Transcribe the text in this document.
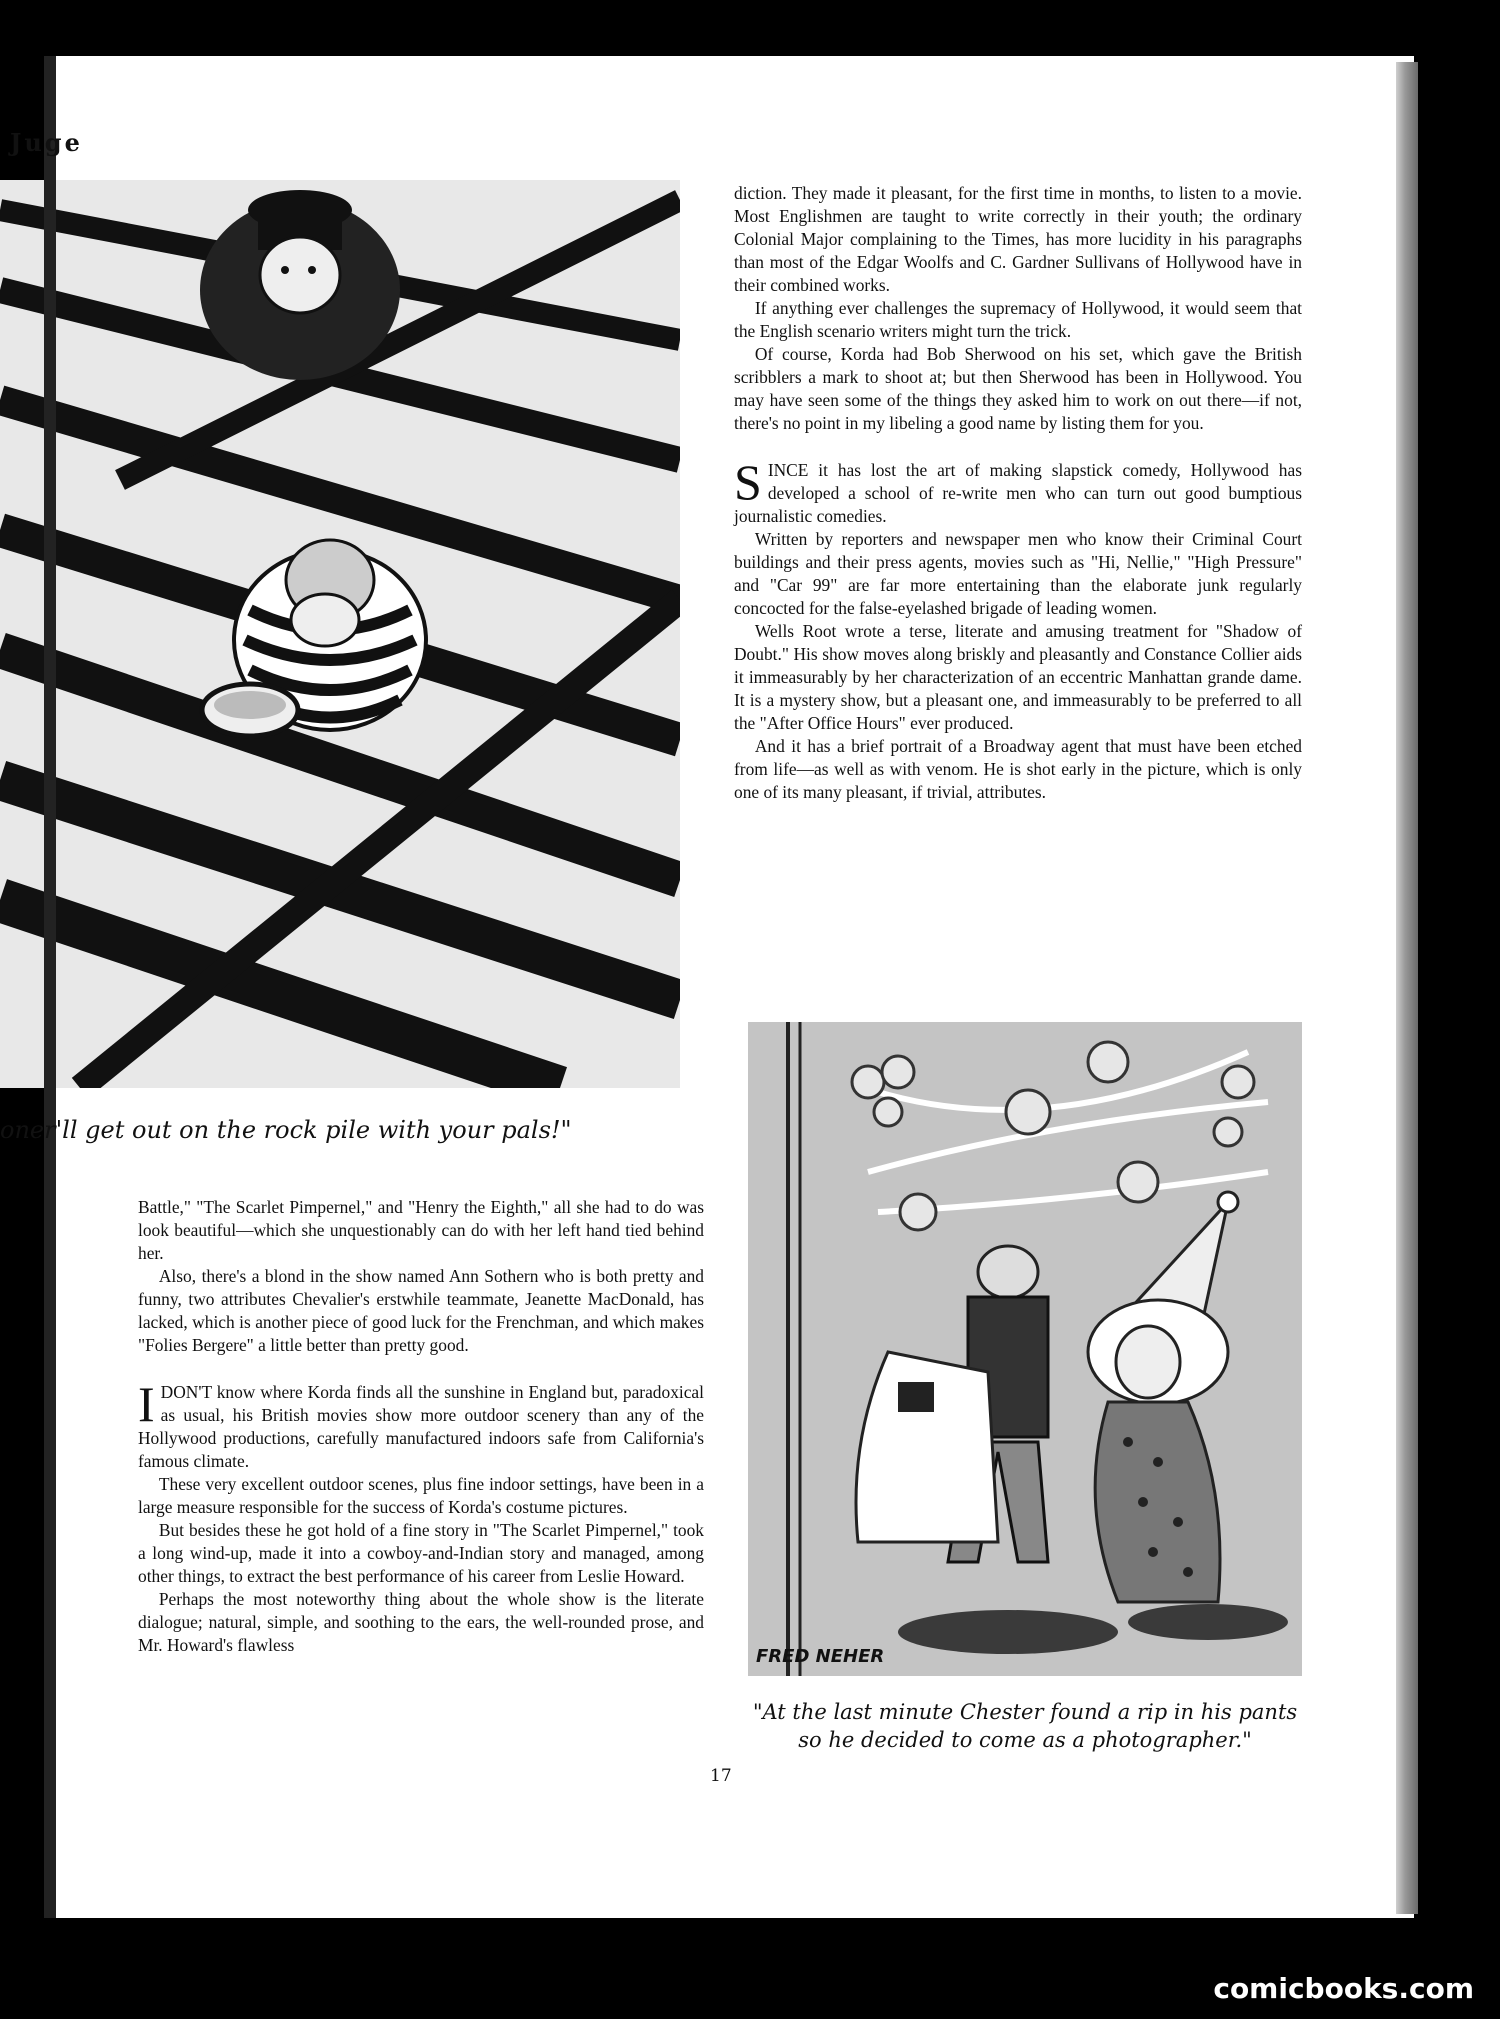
Juge
oner'll get out on the rock pile with your pals!"

Battle," "The Scarlet Pimpernel," and "Henry the Eighth," all she had to do was look beautiful—which she unquestionably can do with her left hand tied behind her.

Also, there's a blond in the show named Ann Sothern who is both pretty and funny, two attributes Chevalier's erstwhile teammate, Jeanette MacDonald, has lacked, which is another piece of good luck for the Frenchman, and which makes "Folies Bergere" a little better than pretty good.

IDON'T know where Korda finds all the sunshine in England but, paradoxical as usual, his British movies show more outdoor scenery than any of the Hollywood productions, carefully manufactured indoors safe from California's famous climate.

These very excellent outdoor scenes, plus fine indoor settings, have been in a large measure responsible for the success of Korda's costume pictures.

But besides these he got hold of a fine story in "The Scarlet Pimpernel," took a long wind-up, made it into a cowboy-and-Indian story and managed, among other things, to extract the best performance of his career from Leslie Howard.

Perhaps the most noteworthy thing about the whole show is the literate dialogue; natural, simple, and soothing to the ears, the well-rounded prose, and Mr. Howard's flawless

diction. They made it pleasant, for the first time in months, to listen to a movie. Most Englishmen are taught to write correctly in their youth; the ordinary Colonial Major complaining to the Times, has more lucidity in his paragraphs than most of the Edgar Woolfs and C. Gardner Sullivans of Hollywood have in their combined works.

If anything ever challenges the supremacy of Hollywood, it would seem that the English scenario writers might turn the trick.

Of course, Korda had Bob Sherwood on his set, which gave the British scribblers a mark to shoot at; but then Sherwood has been in Hollywood. You may have seen some of the things they asked him to work on out there—if not, there's no point in my libeling a good name by listing them for you.

SINCE it has lost the art of making slapstick comedy, Hollywood has developed a school of re-write men who can turn out good bumptious journalistic comedies.

Written by reporters and newspaper men who know their Criminal Court buildings and their press agents, movies such as "Hi, Nellie," "High Pressure" and "Car 99" are far more entertaining than the elaborate junk regularly concocted for the false-eyelashed brigade of leading women.

Wells Root wrote a terse, literate and amusing treatment for "Shadow of Doubt." His show moves along briskly and pleasantly and Constance Collier aids it immeasurably by her characterization of an eccentric Manhattan grande dame. It is a mystery show, but a pleasant one, and immeasurably to be preferred to all the "After Office Hours" ever produced.

And it has a brief portrait of a Broadway agent that must have been etched from life—as well as with venom. He is shot early in the picture, which is only one of its many pleasant, if trivial, attributes.

FRED NEHER
"At the last minute Chester found a rip in his pants so he decided to come as a photographer."
17
comicbooks.com
